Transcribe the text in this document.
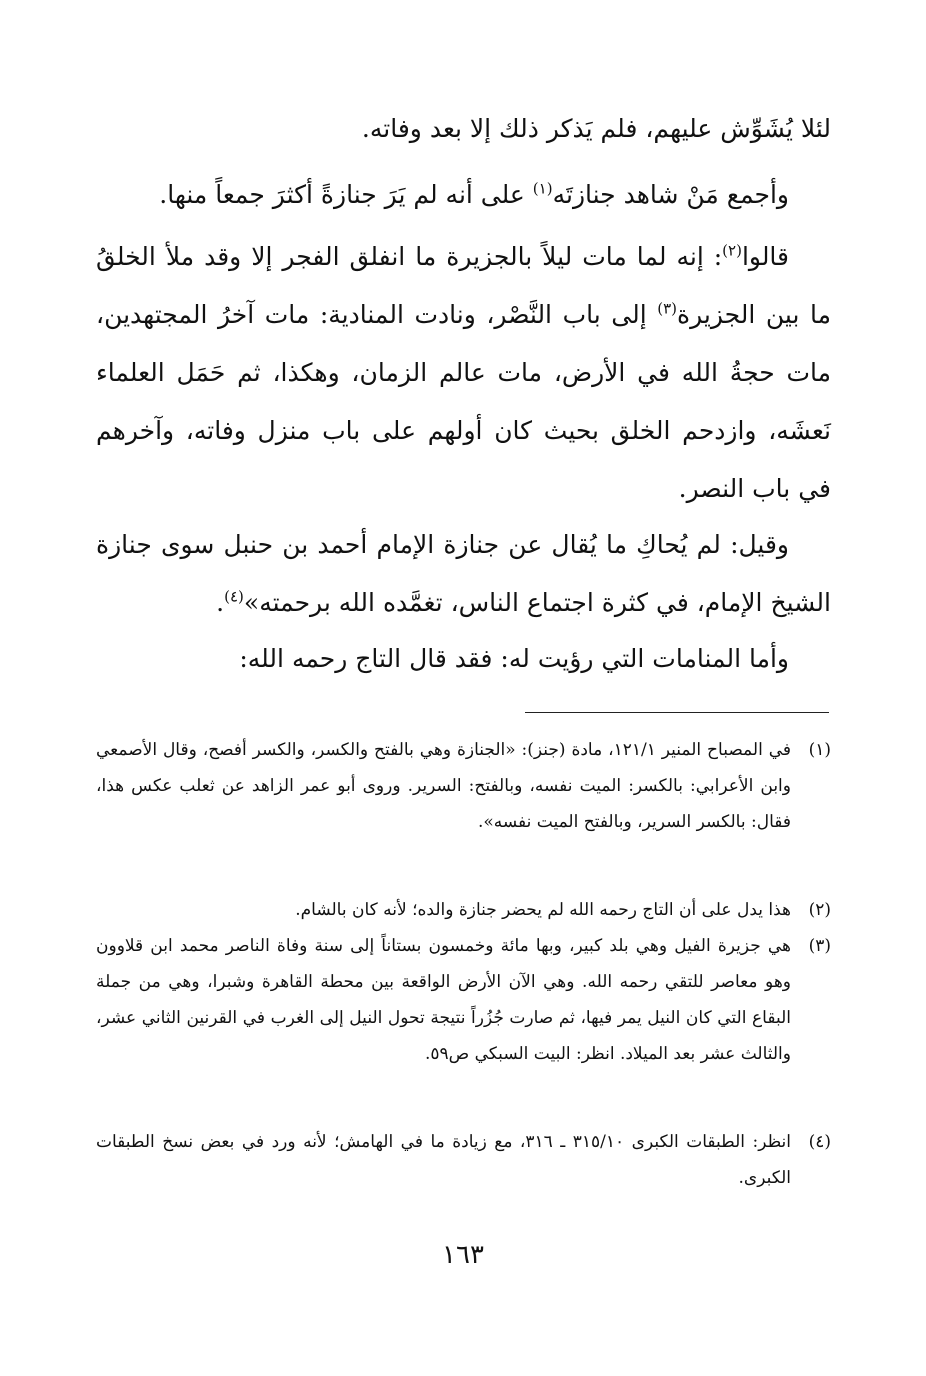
لئلا يُشَوِّش عليهم، فلم يَذكر ذلك إلا بعد وفاته.

وأجمع مَنْ شاهد جنازتَه$^{(١)}$ على أنه لم يَرَ جنازةً أكثرَ جمعاً منها.

قالوا$^{(٢)}$: إنه لما مات ليلاً بالجزيرة ما انفلق الفجر إلا وقد ملأ الخلقُ ما بين الجزيرة$^{(٣)}$ إلى باب النَّصْر، ونادت المنادية: مات آخرُ المجتهدين، مات حجةُ الله في الأرض، مات عالم الزمان، وهكذا، ثم حَمَل العلماء نَعشَه، وازدحم الخلق بحيث كان أولهم على باب منزل وفاته، وآخرهم في باب النصر.

وقيل: لم يُحاكِ ما يُقال عن جنازة الإمام أحمد بن حنبل سوى جنازة الشيخ الإمام، في كثرة اجتماع الناس، تغمَّده الله برحمته»$^{(٤)}$.

وأما المنامات التي رؤيت له: فقد قال التاج رحمه الله:

(١)
في المصباح المنير ١٢١/١، مادة (جنز): «الجنازة وهي بالفتح والكسر، والكسر أفصح، وقال الأصمعي وابن الأعرابي: بالكسر: الميت نفسه، وبالفتح: السرير. وروى أبو عمر الزاهد عن ثعلب عكس هذا، فقال: بالكسر السرير، وبالفتح الميت نفسه».
(٢)
هذا يدل على أن التاج رحمه الله لم يحضر جنازة والده؛ لأنه كان بالشام.
(٣)
هي جزيرة الفيل وهي بلد كبير، وبها مائة وخمسون بستاناً إلى سنة وفاة الناصر محمد ابن قلاوون وهو معاصر للتقي رحمه الله. وهي الآن الأرض الواقعة بين محطة القاهرة وشبرا، وهي من جملة البقاع التي كان النيل يمر فيها، ثم صارت جُزُراً نتيجة تحول النيل إلى الغرب في القرنين الثاني عشر، والثالث عشر بعد الميلاد. انظر: البيت السبكي ص٥٩.
(٤)
انظر: الطبقات الكبرى ٣١٥/١٠ ـ ٣١٦، مع زيادة ما في الهامش؛ لأنه ورد في بعض نسخ الطبقات الكبرى.
١٦٣
